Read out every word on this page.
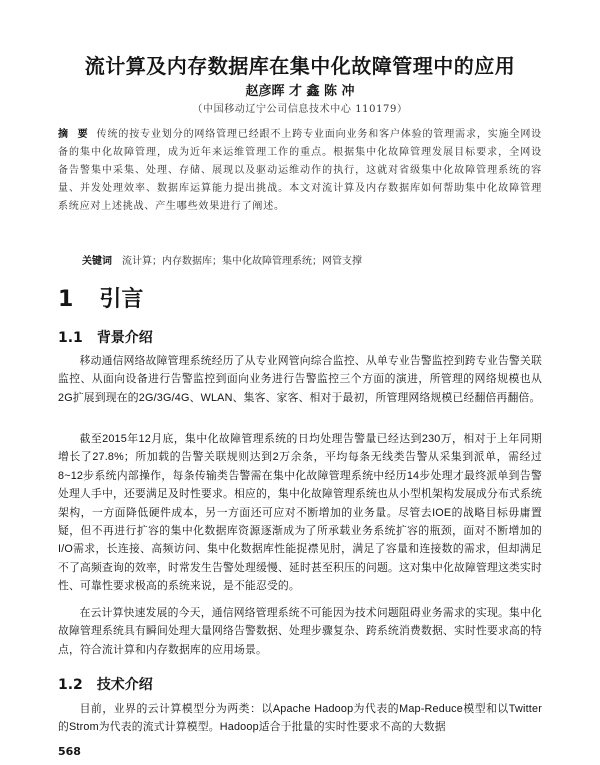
流计算及内存数据库在集中化故障管理中的应用
赵彦晖 才 鑫 陈 冲
（中国移动辽宁公司信息技术中心 110179）
摘 要 传统的按专业划分的网络管理已经跟不上跨专业面向业务和客户体验的管理需求，实施全网设备的集中化故障管理，成为近年来运维管理工作的重点。根据集中化故障管理发展目标要求，全网设备告警集中采集、处理、存储、展现以及驱动运维动作的执行，这就对省级集中化故障管理系统的容量、并发处理效率、数据库运算能力提出挑战。本文对流计算及内存数据库如何帮助集中化故障管理系统应对上述挑战、产生哪些效果进行了阐述。
关键词 流计算；内存数据库；集中化故障管理系统；网管支撑
1 引言
1.1 背景介绍

移动通信网络故障管理系统经历了从专业网管向综合监控、从单专业告警监控到跨专业告警关联监控、从面向设备进行告警监控到面向业务进行告警监控三个方面的演进，所管理的网络规模也从2G扩展到现在的2G/3G/4G、WLAN、集客、家客、相对于最初，所管理网络规模已经翻倍再翻倍。

截至2015年12月底，集中化故障管理系统的日均处理告警量已经达到230万，相对于上年同期增长了27.8%；所加载的告警关联规则达到2万余条，平均每条无线类告警从采集到派单，需经过8~12步系统内部操作，每条传输类告警需在集中化故障管理系统中经历14步处理才最终派单到告警处理人手中，还要满足及时性要求。相应的，集中化故障管理系统也从小型机架构发展成分布式系统架构，一方面降低硬件成本，另一方面还可应对不断增加的业务量。尽管去IOE的战略目标毋庸置疑，但不再进行扩容的集中化数据库资源逐渐成为了所承载业务系统扩容的瓶颈，面对不断增加的I/O需求，长连接、高频访问、集中化数据库性能捉襟见肘，满足了容量和连接数的需求，但却满足不了高频查询的效率，时常发生告警处理缓慢、延时甚至积压的问题。这对集中化故障管理这类实时性、可靠性要求极高的系统来说，是不能忍受的。

在云计算快速发展的今天，通信网络管理系统不可能因为技术问题阻碍业务需求的实现。集中化故障管理系统具有瞬间处理大量网络告警数据、处理步骤复杂、跨系统消费数据、实时性要求高的特点，符合流计算和内存数据库的应用场景。

1.2 技术介绍

目前，业界的云计算模型分为两类：以Apache Hadoop为代表的Map-Reduce模型和以Twitter的Strom为代表的流式计算模型。Hadoop适合于批量的实时性要求不高的大数据

568
